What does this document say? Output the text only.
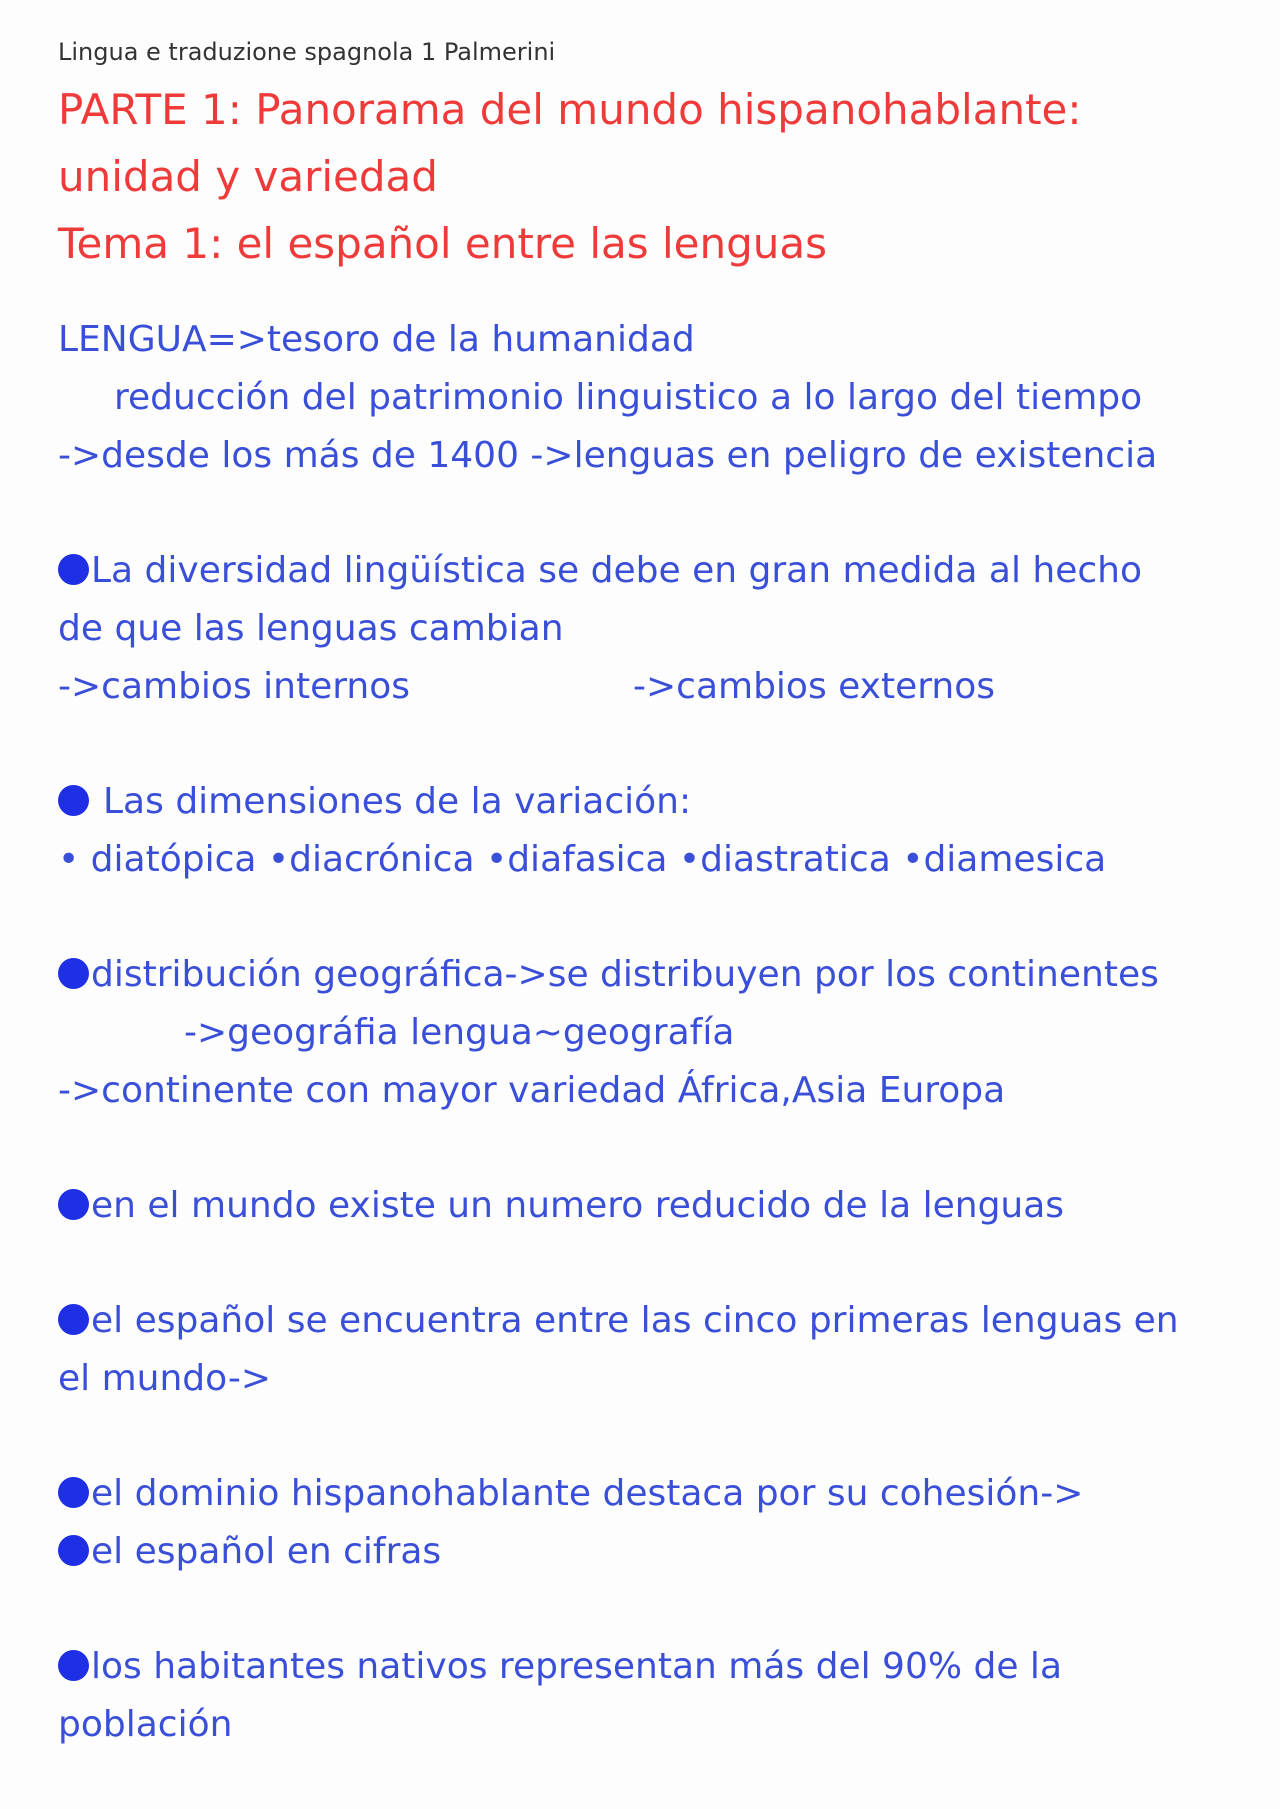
Lingua e traduzione spagnola 1 Palmerini
PARTE 1: Panorama del mundo hispanohablante:
unidad y variedad
Tema 1: el español entre las lenguas
LENGUA=>tesoro de la humanidad
reducción del patrimonio linguistico a lo largo del tiempo
->desde los más de 1400 ->lenguas en peligro de existencia
La diversidad lingüística se debe en gran medida al hecho
de que las lenguas cambian
->cambios internos	->cambios externos
Las dimensiones de la variación:
• diatópica •diacrónica •diafasica •diastratica •diamesica
distribución geográfica->se distribuyen por los continentes
->geográfia lengua~geografía
->continente con mayor variedad África,Asia Europa
en el mundo existe un numero reducido de la lenguas
el español se encuentra entre las cinco primeras lenguas en
el mundo->
el dominio hispanohablante destaca por su cohesión->
el español en cifras
los habitantes nativos representan más del 90% de la
población
